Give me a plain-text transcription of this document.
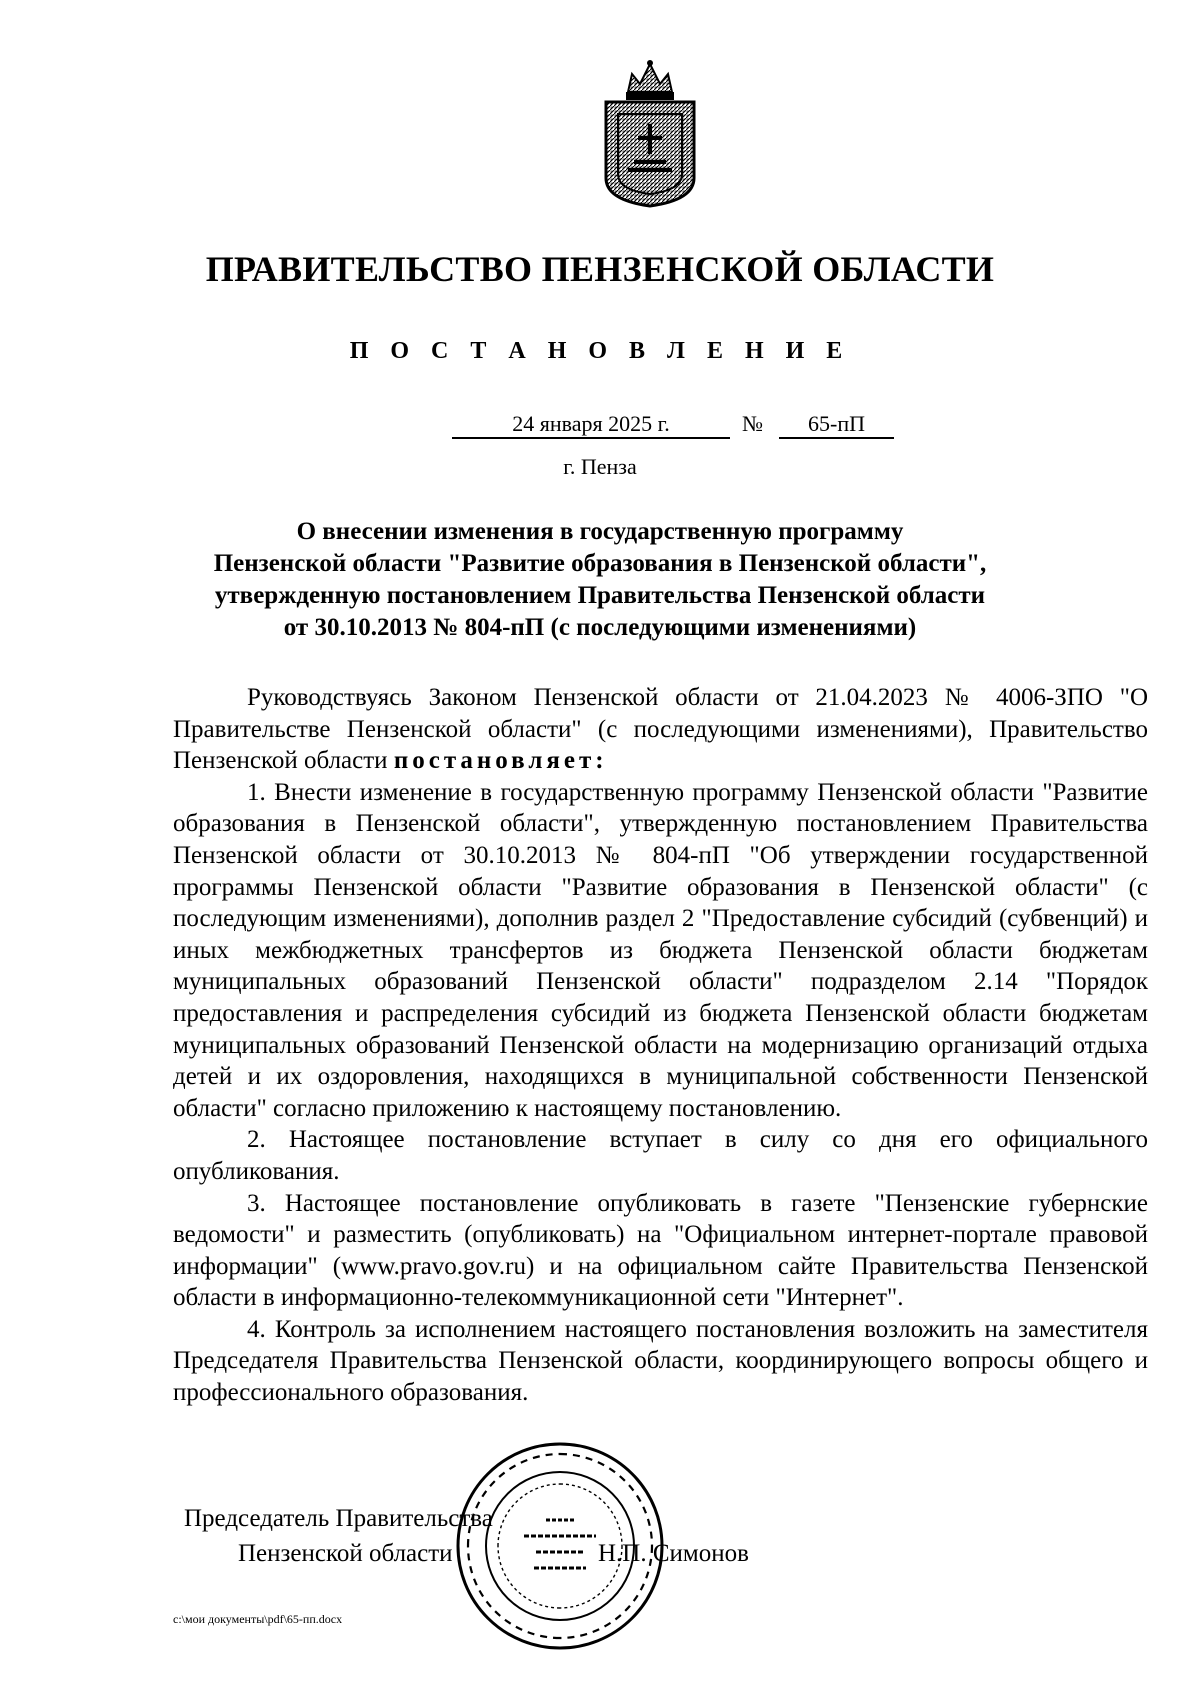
ПРАВИТЕЛЬСТВО ПЕНЗЕНСКОЙ ОБЛАСТИ
П О С Т А Н О В Л Е Н И Е
24 января 2025 г.	№	65-пП
г. Пенза
О внесении изменения в государственную программу
Пензенской области "Развитие образования в Пензенской области",
утвержденную постановлением Правительства Пензенской области
от 30.10.2013 № 804-пП (с последующими изменениями)

Руководствуясь Законом Пензенской области от 21.04.2023 № 4006-ЗПО "О Правительстве Пензенской области" (с последующими изменениями), Правительство Пензенской области постановляет:

1. Внести изменение в государственную программу Пензенской области "Развитие образования в Пензенской области", утвержденную постановлением Правительства Пензенской области от 30.10.2013 № 804-пП "Об утверждении государственной программы Пензенской области "Развитие образования в Пензенской области" (с последующим изменениями), дополнив раздел 2 "Предоставление субсидий (субвенций) и иных межбюджетных трансфертов из бюджета Пензенской области бюджетам муниципальных образований Пензенской области" подразделом 2.14 "Порядок предоставления и распределения субсидий из бюджета Пензенской области бюджетам муниципальных образований Пензенской области на модернизацию организаций отдыха детей и их оздоровления, находящихся в муниципальной собственности Пензенской области" согласно приложению к настоящему постановлению.

2. Настоящее постановление вступает в силу со дня его официального опубликования.

3. Настоящее постановление опубликовать в газете "Пензенские губернские ведомости" и разместить (опубликовать) на "Официальном интернет-портале правовой информации" (www.pravo.gov.ru) и на официальном сайте Правительства Пензенской области в информационно-телекоммуникационной сети "Интернет".

4. Контроль за исполнением настоящего постановления возложить на заместителя Председателя Правительства Пензенской области, координирующего вопросы общего и профессионального образования.

Председатель Правительства
Пензенской области	Н.П. Симонов
c:\мои документы\pdf\65-пп.docx
